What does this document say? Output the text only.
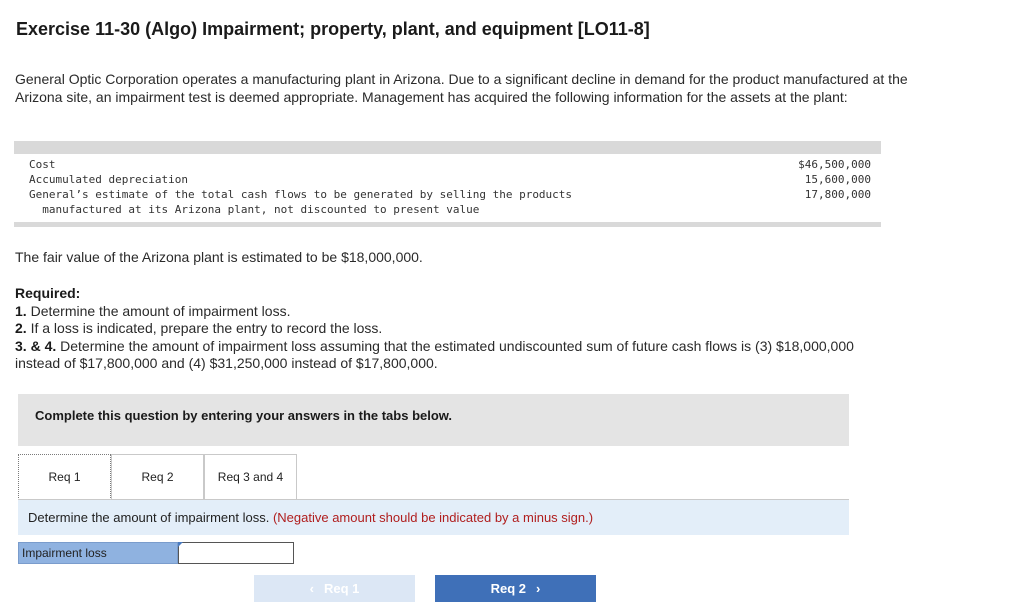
Exercise 11-30 (Algo) Impairment; property, plant, and equipment [LO11-8]
General Optic Corporation operates a manufacturing plant in Arizona. Due to a significant decline in demand for the product manufactured at the Arizona site, an impairment test is deemed appropriate. Management has acquired the following information for the assets at the plant:
Cost	$46,500,000
Accumulated depreciation	15,600,000
General’s estimate of the total cash flows to be generated by selling the products	17,800,000
manufactured at its Arizona plant, not discounted to present value
The fair value of the Arizona plant is estimated to be $18,000,000.
Required:
1. Determine the amount of impairment loss.
2. If a loss is indicated, prepare the entry to record the loss.
3. & 4. Determine the amount of impairment loss assuming that the estimated undiscounted sum of future cash flows is (3) $18,000,000 instead of $17,800,000 and (4) $31,250,000 instead of $17,800,000.
Complete this question by entering your answers in the tabs below.
Req 1	Req 2	Req 3 and 4
Determine the amount of impairment loss. (Negative amount should be indicated by a minus sign.)
Impairment loss
‹ Req 1	Req 2 ›
